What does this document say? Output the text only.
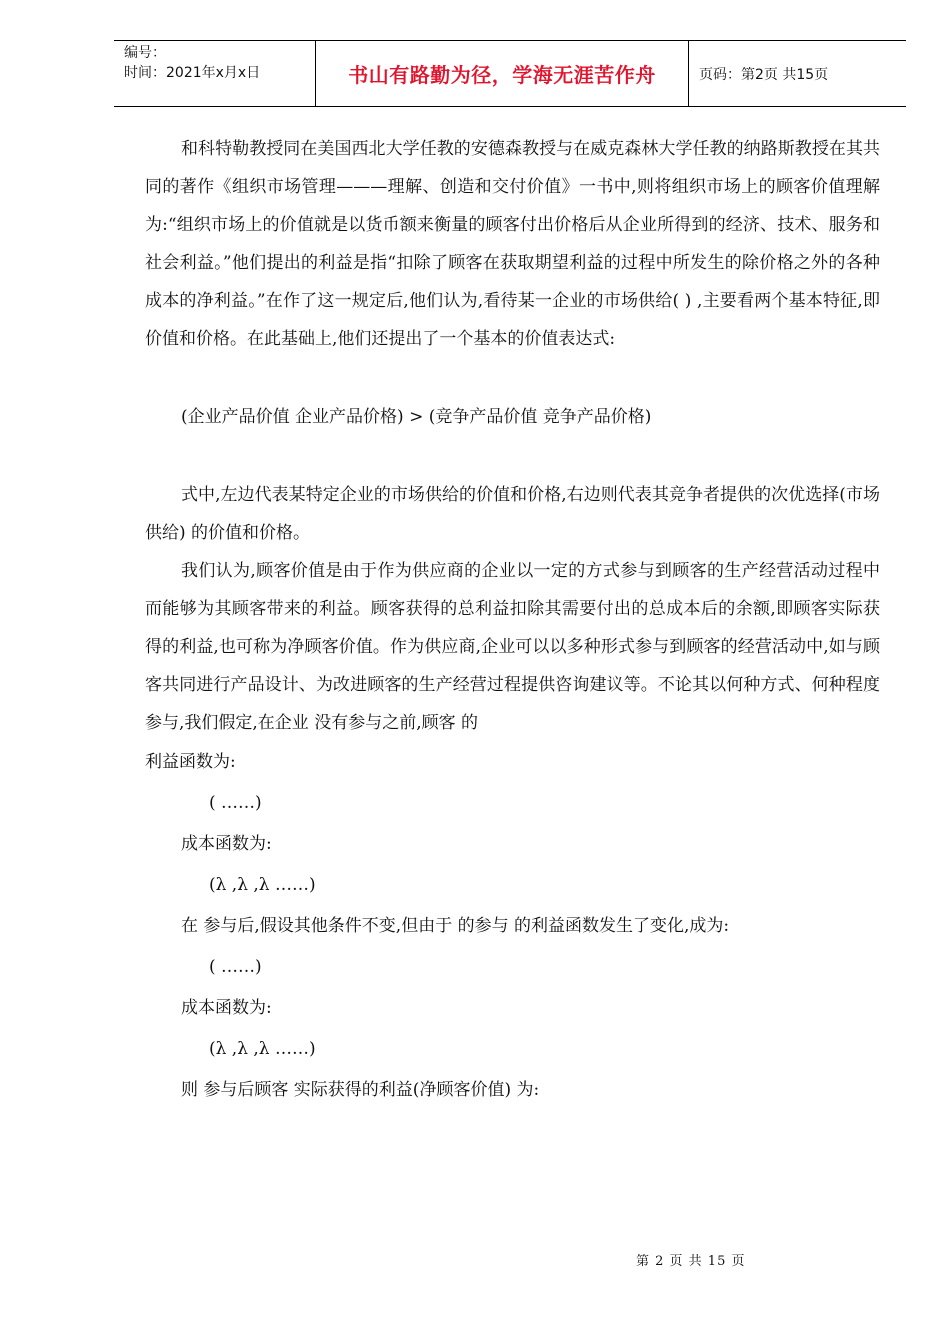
编号：
时间：2021年x月x日	书山有路勤为径，学海无涯苦作舟	页码：第2页 共15页

和科特勒教授同在美国西北大学任教的安德森教授与在威克森林大学任教的纳路斯教授在其共同的著作《组织市场管理———理解、创造和交付价值》一书中,则将组织市场上的顾客价值理解为:“组织市场上的价值就是以货币额来衡量的顾客付出价格后从企业所得到的经济、技术、服务和社会利益。”他们提出的利益是指“扣除了顾客在获取期望利益的过程中所发生的除价格之外的各种成本的净利益。”在作了这一规定后,他们认为,看待某一企业的市场供给( ) ,主要看两个基本特征,即价值和价格。在此基础上,他们还提出了一个基本的价值表达式:

(企业产品价值 企业产品价格) > (竞争产品价值 竞争产品价格)

式中,左边代表某特定企业的市场供给的价值和价格,右边则代表其竞争者提供的次优选择(市场供给) 的价值和价格。

我们认为,顾客价值是由于作为供应商的企业以一定的方式参与到顾客的生产经营活动过程中而能够为其顾客带来的利益。顾客获得的总利益扣除其需要付出的总成本后的余额,即顾客实际获得的利益,也可称为净顾客价值。作为供应商,企业可以以多种形式参与到顾客的经营活动中,如与顾客共同进行产品设计、为改进顾客的生产经营过程提供咨询建议等。不论其以何种方式、何种程度参与,我们假定,在企业 没有参与之前,顾客 的

利益函数为:

( ……)

成本函数为:

(λ ,λ ,λ ……)

在 参与后,假设其他条件不变,但由于 的参与 的利益函数发生了变化,成为:

( ……)

成本函数为:

(λ ,λ ,λ ……)

则 参与后顾客 实际获得的利益(净顾客价值) 为:

第 2 页 共 15 页
